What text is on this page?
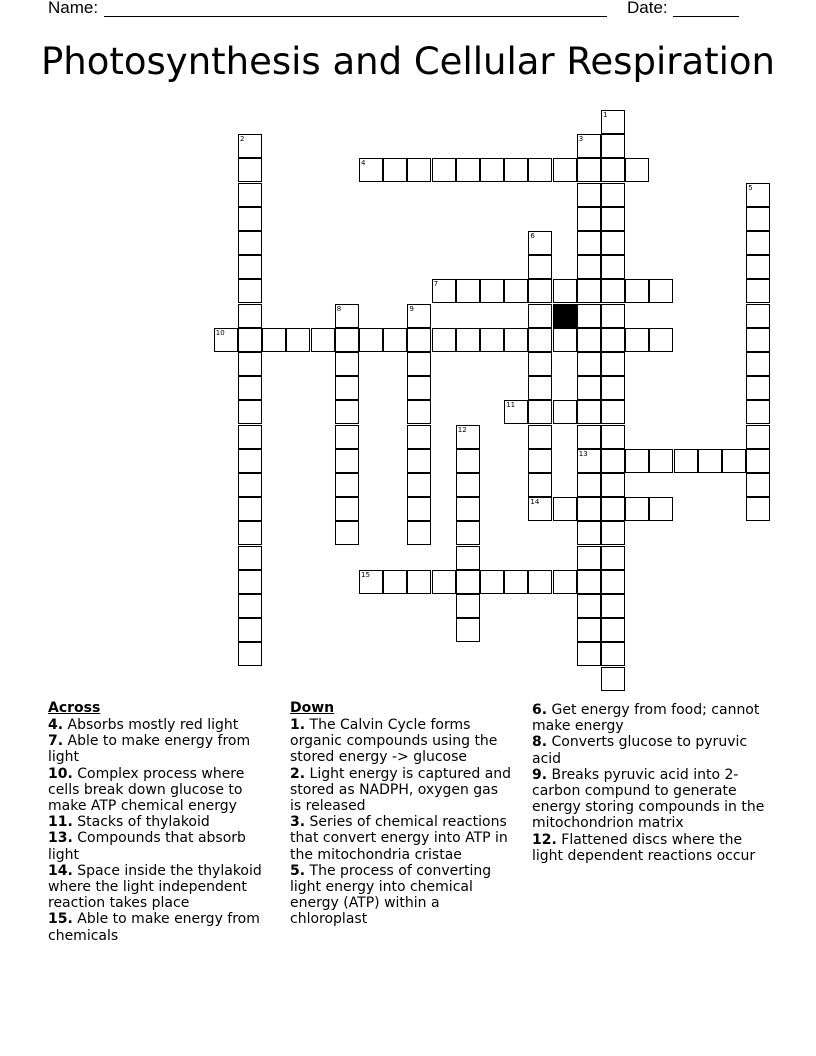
Name:	Date:
Photosynthesis and Cellular Respiration
1
2	3
4
5
6
7
8	9
10
11
12
13
14
15
Across

4. Absorbs mostly red light

7. Able to make energy from light

10. Complex process where cells break down glucose to make ATP chemical energy

11. Stacks of thylakoid

13. Compounds that absorb light

14. Space inside the thylakoid where the light independent reaction takes place

15. Able to make energy from chemicals

Down

1. The Calvin Cycle forms organic compounds using the stored energy -> glucose

2. Light energy is captured and stored as NADPH, oxygen gas is released

3. Series of chemical reactions that convert energy into ATP in the mitochondria cristae

5. The process of converting light energy into chemical energy (ATP) within a chloroplast

6. Get energy from food; cannot make energy

8. Converts glucose to pyruvic acid

9. Breaks pyruvic acid into 2-carbon compund to generate energy storing compounds in the mitochondrion matrix

12. Flattened discs where the light dependent reactions occur
